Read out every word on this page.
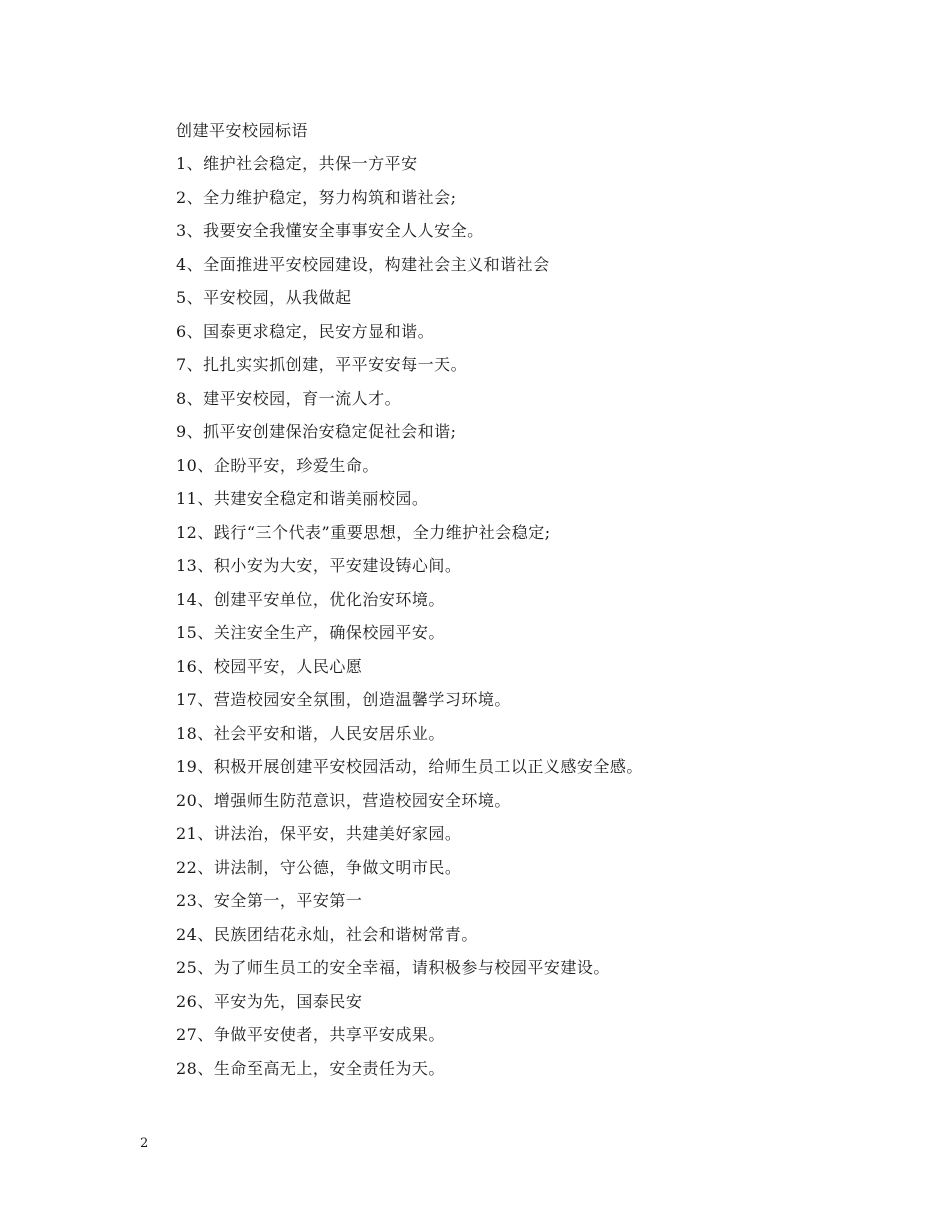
创建平安校园标语
1、维护社会稳定，共保一方平安
2、全力维护稳定，努力构筑和谐社会;
3、我要安全我懂安全事事安全人人安全。
4、全面推进平安校园建设，构建社会主义和谐社会
5、平安校园，从我做起
6、国泰更求稳定，民安方显和谐。
7、扎扎实实抓创建，平平安安每一天。
8、建平安校园，育一流人才。
9、抓平安创建保治安稳定促社会和谐;
10、企盼平安，珍爱生命。
11、共建安全稳定和谐美丽校园。
12、践行“三个代表”重要思想，全力维护社会稳定;
13、积小安为大安，平安建设铸心间。
14、创建平安单位，优化治安环境。
15、关注安全生产，确保校园平安。
16、校园平安，人民心愿
17、营造校园安全氛围，创造温馨学习环境。
18、社会平安和谐，人民安居乐业。
19、积极开展创建平安校园活动，给师生员工以正义感安全感。
20、增强师生防范意识，营造校园安全环境。
21、讲法治，保平安，共建美好家园。
22、讲法制，守公德，争做文明市民。
23、安全第一，平安第一
24、民族团结花永灿，社会和谐树常青。
25、为了师生员工的安全幸福，请积极参与校园平安建设。
26、平安为先，国泰民安
27、争做平安使者，共享平安成果。
28、生命至高无上，安全责任为天。
2
